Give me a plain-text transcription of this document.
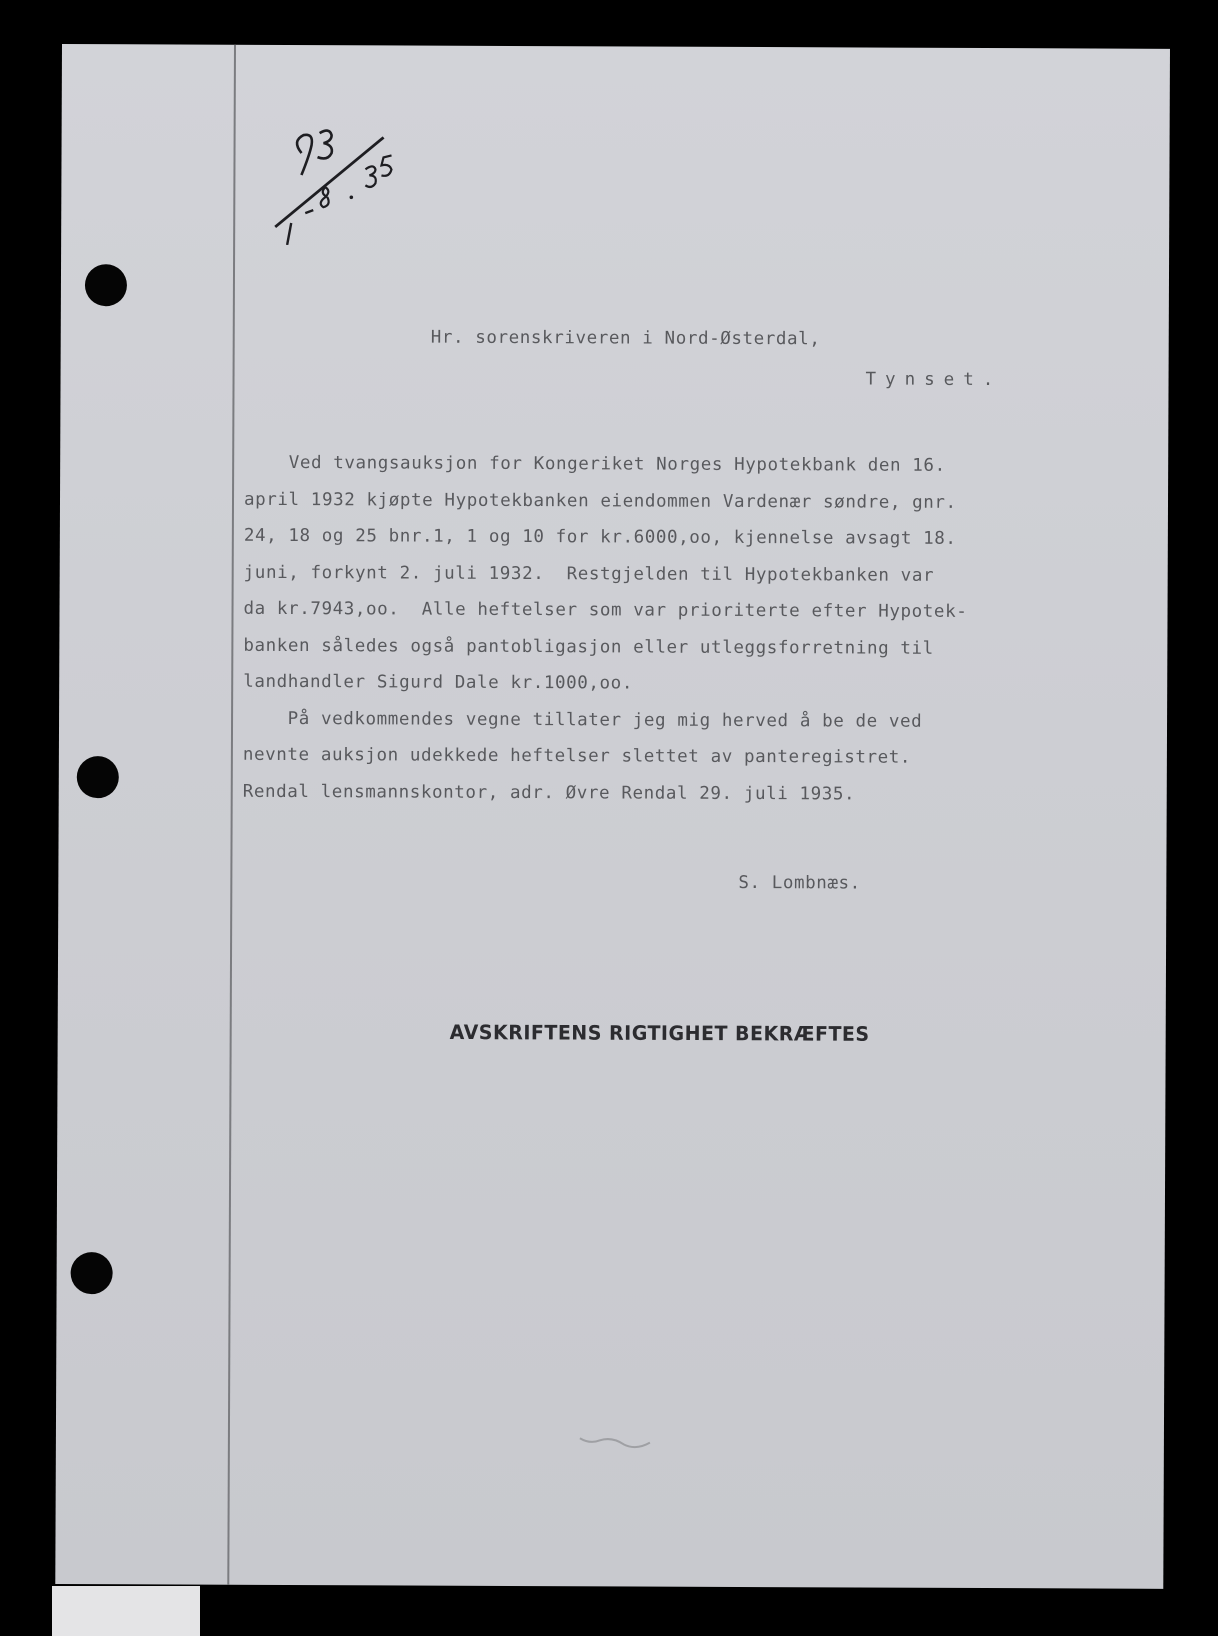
Hr. sorenskriveren i Nord-Østerdal,
Tynset.
Ved tvangsauksjon for Kongeriket Norges Hypotekbank den 16.
april 1932 kjøpte Hypotekbanken eiendommen Vardenær søndre, gnr.
24, 18 og 25 bnr.1, 1 og 10 for kr.6000,oo, kjennelse avsagt 18.
juni, forkynt 2. juli 1932.  Restgjelden til Hypotekbanken var
da kr.7943,oo.  Alle heftelser som var prioriterte efter Hypotek-
banken således også pantobligasjon eller utleggsforretning til
landhandler Sigurd Dale kr.1000,oo.
På vedkommendes vegne tillater jeg mig herved å be de ved
nevnte auksjon udekkede heftelser slettet av panteregistret.
Rendal lensmannskontor, adr. Øvre Rendal 29. juli 1935.
S. Lombnæs.
AVSKRIFTENS RIGTIGHET BEKRÆFTES
